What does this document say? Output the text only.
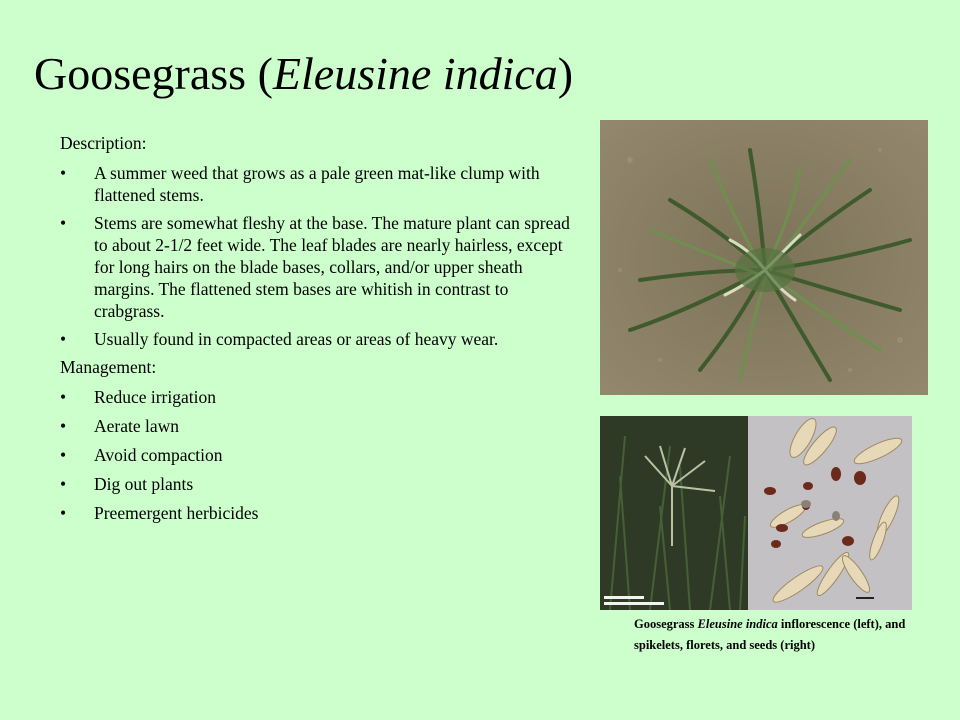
Goosegrass (Eleusine indica)
Description:
• A summer weed that grows as a pale green mat-like clump with flattened stems.
• Stems are somewhat fleshy at the base. The mature plant can spread to about 2-1/2 feet wide. The leaf blades are nearly hairless, except for long hairs on the blade bases, collars, and/or upper sheath margins. The flattened stem bases are whitish in contrast to crabgrass.
• Usually found in compacted areas or areas of heavy wear.
Management:
• Reduce irrigation
• Aerate lawn
• Avoid compaction
• Dig out plants
• Preemergent herbicides
Goosegrass Eleusine indica inflorescence (left), and spikelets, florets, and seeds (right)
